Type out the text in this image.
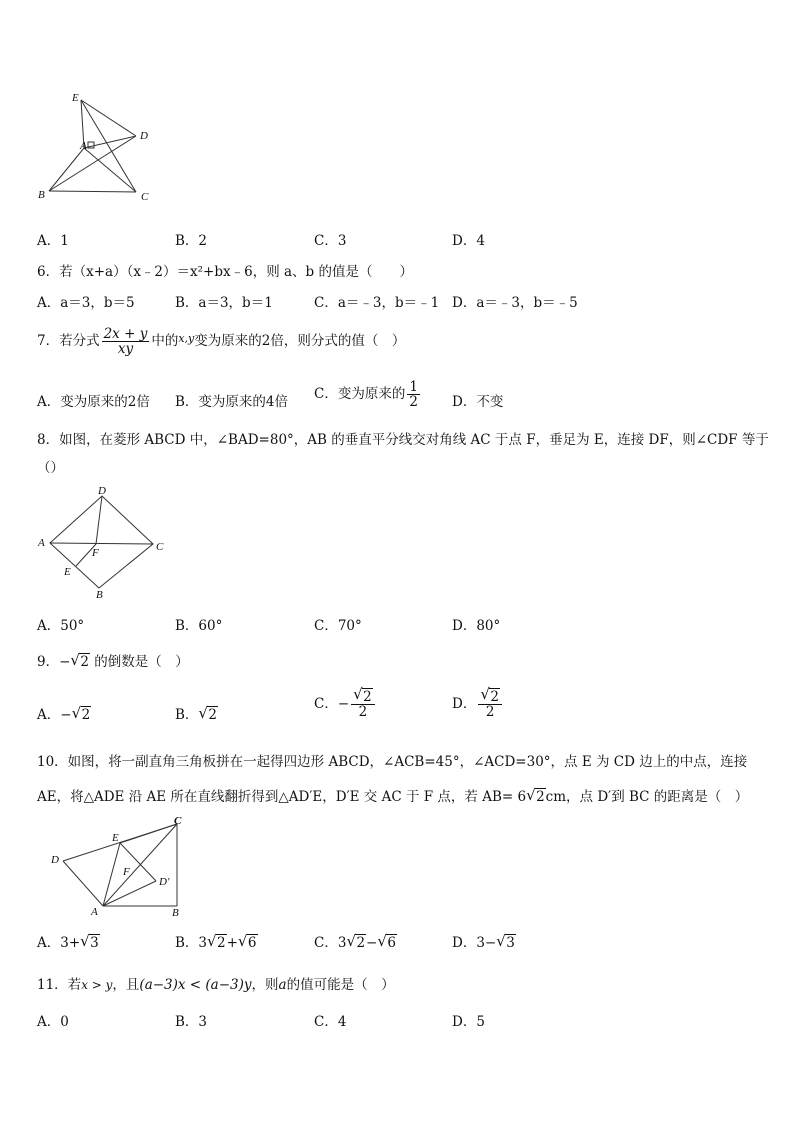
E
D
A
B	C
A．1	B．2	C．3	D．4
6．若（x+a）（x﹣2）＝x²+bx﹣6，则 a、b 的值是（　　）
A．a＝3，b＝5	B．a＝3，b＝1	C．a＝﹣3，b＝﹣1 D．a＝﹣3，b＝﹣5
7．若分式 $\frac{2x + y}{xy}$ 中的$^{x,y}$变为原来的2倍，则分式的值（　）
A．变为原来的2倍 B．变为原来的4倍 C．变为原来的 $\frac{1}{2}$ D．不变
8．如图，在菱形 ABCD 中，∠BAD=80°，AB 的垂直平分线交对角线 AC 于点 F，垂足为 E，连接 DF，则∠CDF 等于
（）
D
A
F	C
E
B
A．50°	B．60°	C．70°	D．80°
9．− √ 2 的倒数是（　）
A．− √ 2	B． √ 2
C．− $\frac{√ 2}{2}$	D． $\frac{√ 2}{2}$
10．如图，将一副直角三角板拼在一起得四边形 ABCD，∠ACB=45°，∠ACD=30°，点 E 为 CD 边上的中点，连接
AE，将△ADE 沿 AE 所在直线翻折得到△AD′E，D′E 交 AC 于 F 点，若 AB= 6 √ 2cm，点 D′到 BC 的距离是（　）
C
E
D
F
D'
A	B
A．3+ √ 3	B．3 √ 2+ √ 6	C．3 √ 2− √ 6	D．3− √ 3
11．若x > y，且(a−3)x < (a−3)y，则a的值可能是（　）
A．0	B．3	C．4	D．5
